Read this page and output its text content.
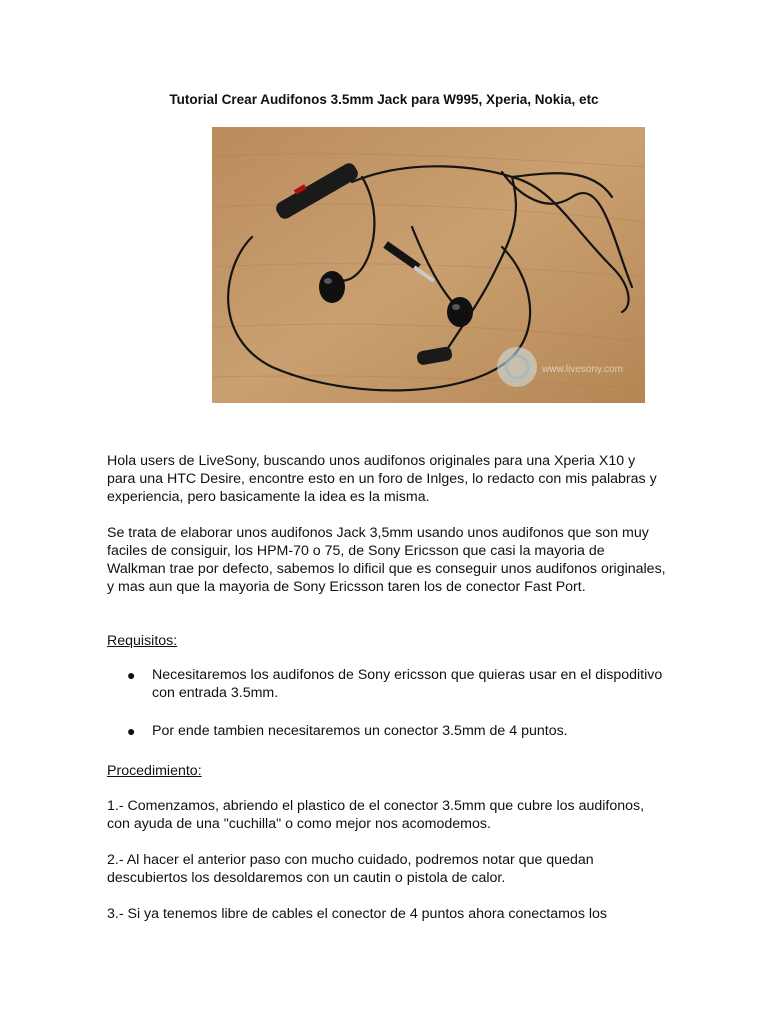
Tutorial Crear Audifonos 3.5mm Jack para W995, Xperia, Nokia, etc
www.livesony.com

Hola users de LiveSony, buscando unos audifonos originales para una Xperia X10 y para una HTC Desire, encontre esto en un foro de Inlges, lo redacto con mis palabras y experiencia, pero basicamente la idea es la misma.

Se trata de elaborar unos audifonos Jack 3,5mm usando unos audifonos que son muy faciles de consiguir, los HPM-70 o 75, de Sony Ericsson que casi la mayoria de Walkman trae por defecto, sabemos lo dificil que es conseguir unos audifonos originales, y mas aun que la mayoria de Sony Ericsson taren los de conector Fast Port.

Requisitos:
● Necesitaremos los audifonos de Sony ericsson que quieras usar en el dispoditivo con entrada 3.5mm.
● Por ende tambien necesitaremos un conector 3.5mm de 4 puntos.
Procedimiento:

1.- Comenzamos, abriendo el plastico de el conector 3.5mm que cubre los audifonos, con ayuda de una "cuchilla" o como mejor nos acomodemos.

2.- Al hacer el anterior paso con mucho cuidado, podremos notar que quedan descubiertos los desoldaremos con un cautin o pistola de calor.

3.- Si ya tenemos libre de cables el conector de 4 puntos ahora conectamos los
